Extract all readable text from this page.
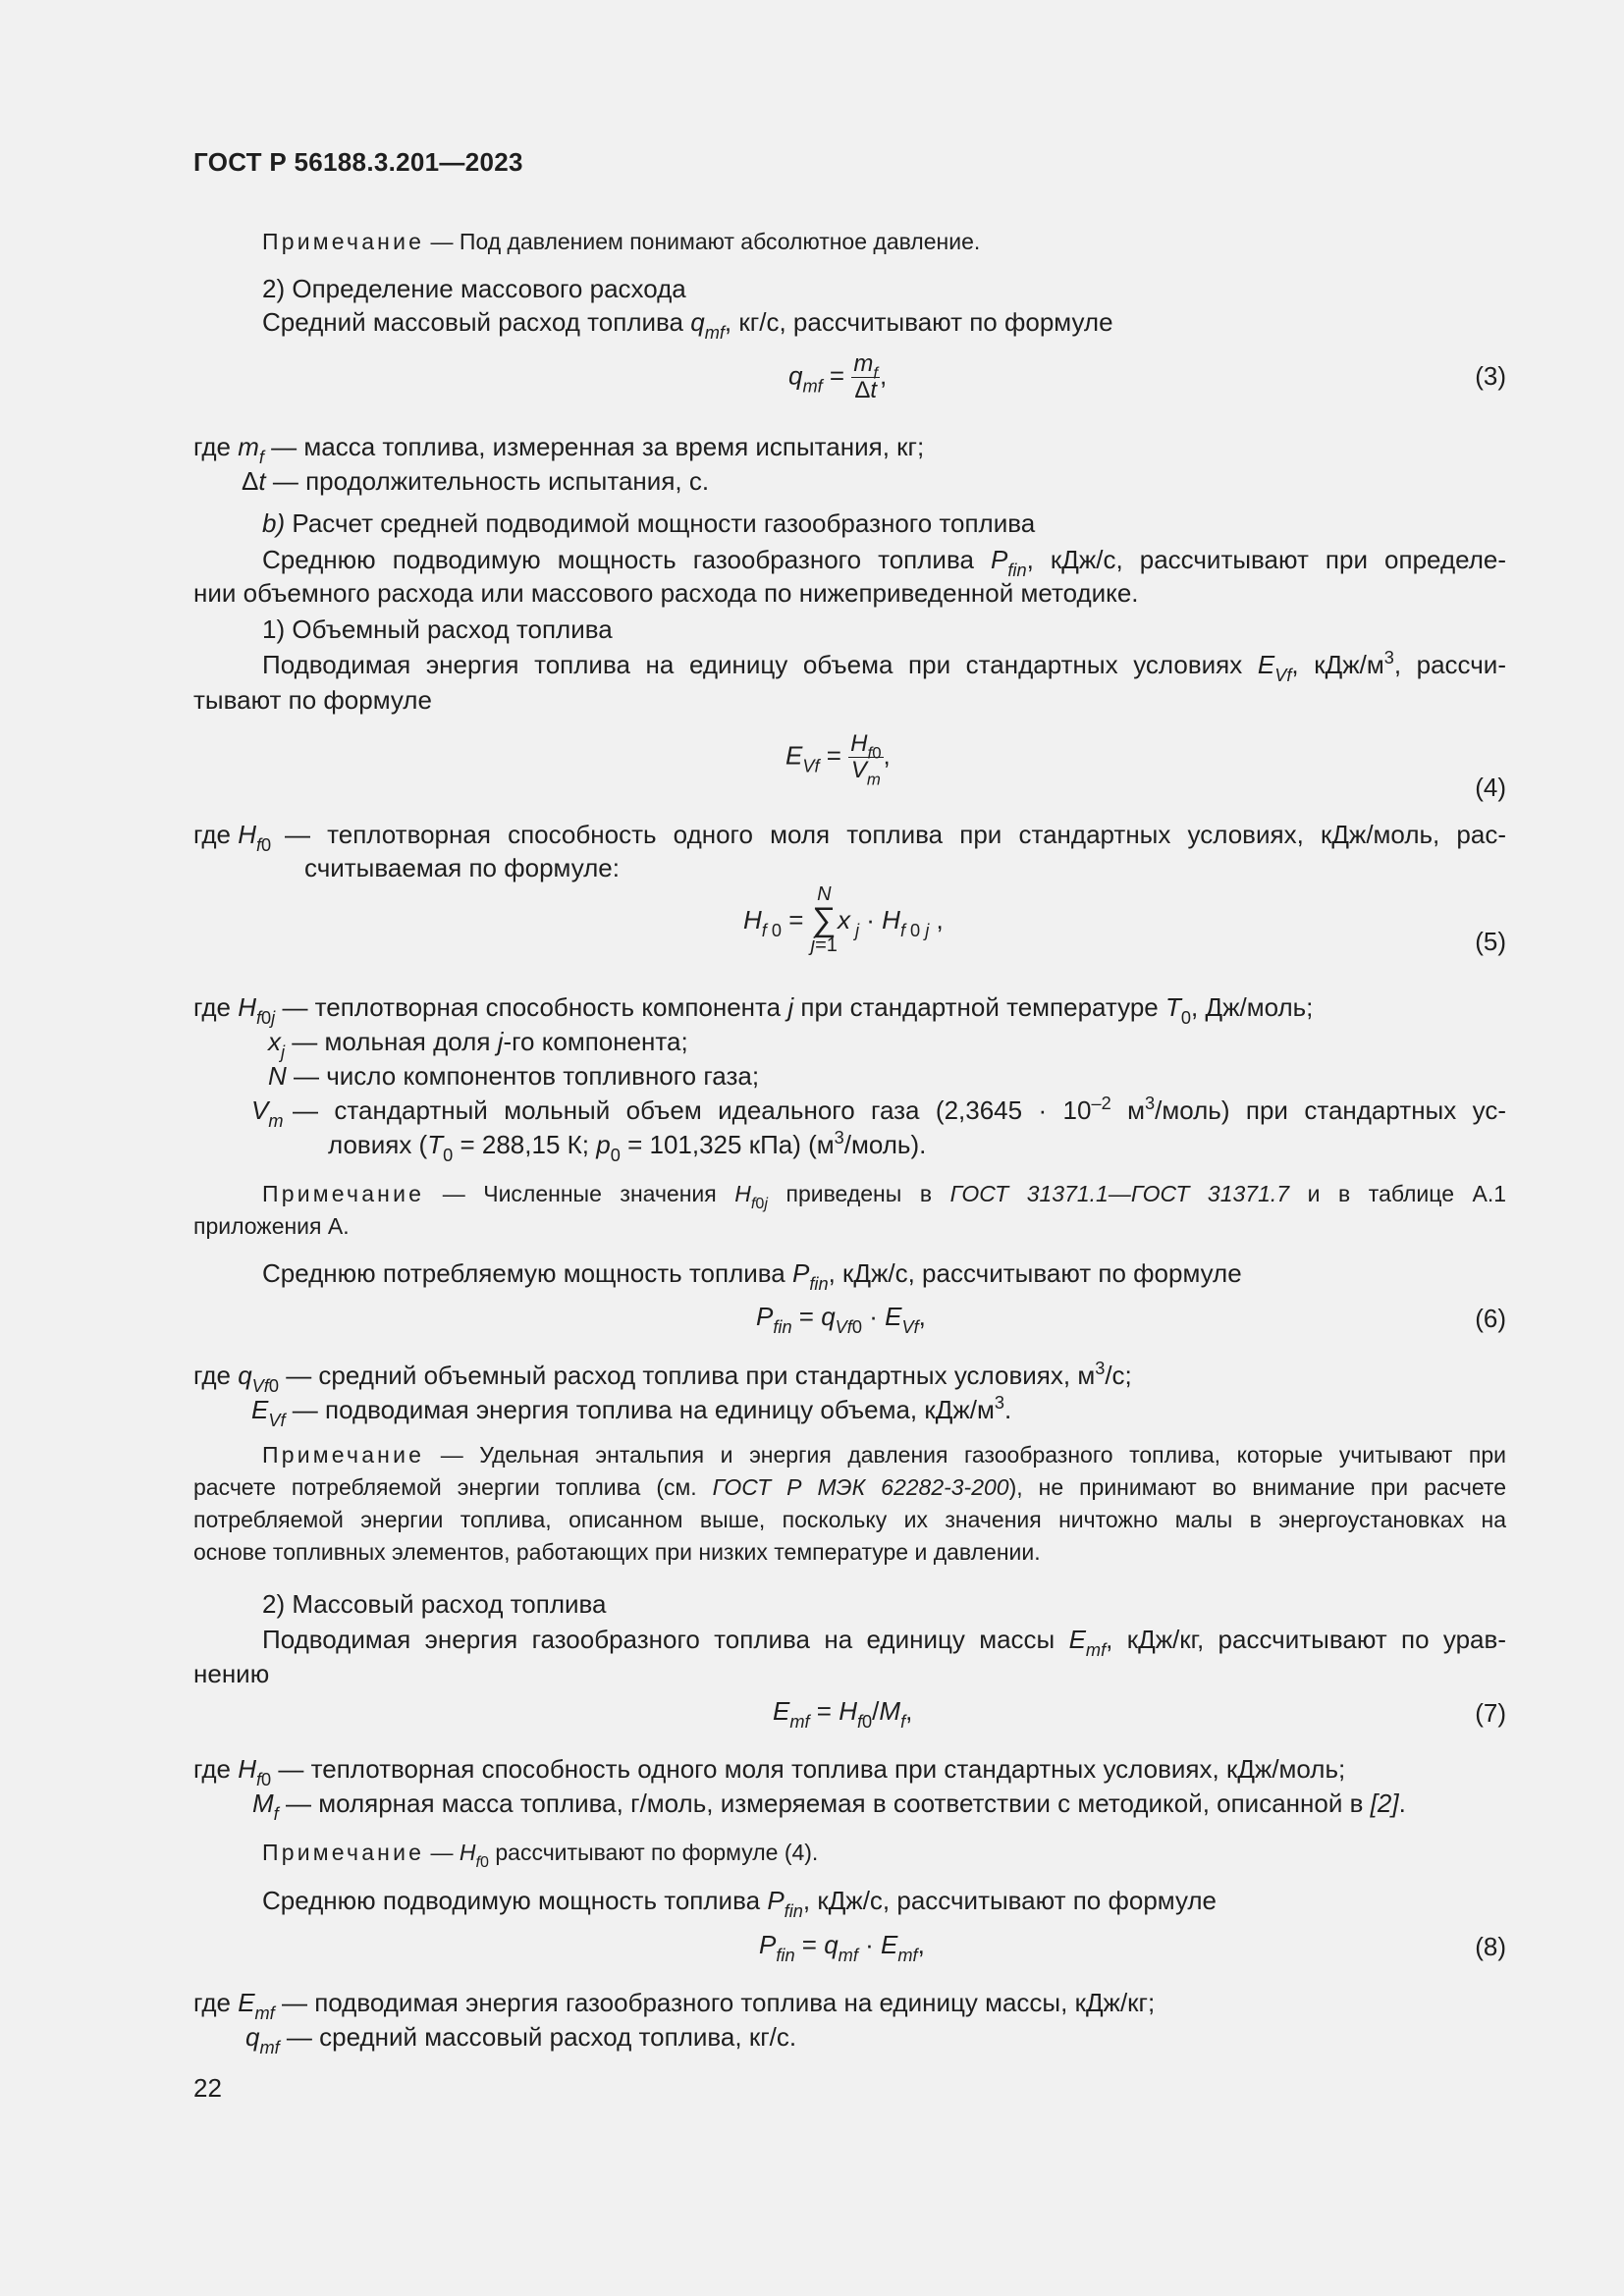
ГОСТ Р 56188.3.201—2023
Примечание — Под давлением понимают абсолютное давление.
2) Определение массового расхода
Средний массовый расход топлива $q_{mf}$, кг/с, рассчитывают по формуле
$q_{mf} = \frac{m_f}{\Delta t}$ ,	(3)
где $m_f$ — масса топлива, измеренная за время испытания, кг;
Δt — продолжительность испытания, с.
b) Расчет средней подводимой мощности газообразного топлива
Среднюю подводимую мощность газообразного топлива $P_{fin}$, кДж/с, рассчитывают при определе-
нии объемного расхода или массового расхода по нижеприведенной методике.
1) Объемный расход топлива
Подводимая энергия топлива на единицу объема при стандартных условиях $E_{Vf}$, кДж/$м^3$, рассчи-
тывают по формуле
$E_{Vf} = \frac{H_{f0}}{V_m}$ ,
(4)
где $H_{f0}$ — теплотворная способность одного моля топлива при стандартных условиях, кДж/моль, рас-
считываемая по формуле:
$H_{f 0} = N$
∑
j=1x $_j \cdot H_{f 0 j}$ ,
(5)
где $H_{f0j}$ — теплотворная способность компонента j при стандартной температуре $T_0$, Дж/моль;
$x_j$ — мольная доля j-го компонента;
N — число компонентов топливного газа;
$V_m$ — стандартный мольный объем идеального газа ($2,3645 \cdot 10^{-2}$ $м^3/моль$) при стандартных ус-
ловиях ($T_0 = 288,15$ К; $p_0 = 101,325$ кПа) $(м^3/моль)$.
Примечание — Численные значения $H_{f0j}$ приведены в ГОСТ 31371.1—ГОСТ 31371.7 и в таблице А.1
приложения А.
Среднюю потребляемую мощность топлива $P_{fin}$, кДж/с, рассчитывают по формуле
$P_{fin} = q_{Vf0} \cdot E_{Vf}$,	(6)
где $q_{Vf0}$ — средний объемный расход топлива при стандартных условиях, $м^3/с$;
$E_{Vf}$ — подводимая энергия топлива на единицу объема, кДж/$м^3$.
Примечание — Удельная энтальпия и энергия давления газообразного топлива, которые учитывают при
расчете потребляемой энергии топлива (см. ГОСТ Р МЭК 62282-3-200), не принимают во внимание при расчете
потребляемой энергии топлива, описанном выше, поскольку их значения ничтожно малы в энергоустановках на
основе топливных элементов, работающих при низких температуре и давлении.
2) Массовый расход топлива
Подводимая энергия газообразного топлива на единицу массы $E_{mf}$, кДж/кг, рассчитывают по урав-
нению
$E_{mf} = H_{f0}/M_f$,	(7)
где $H_{f0}$ — теплотворная способность одного моля топлива при стандартных условиях, кДж/моль;
$M_f$ — молярная масса топлива, г/моль, измеряемая в соответствии с методикой, описанной в [2].
Примечание — $H_{f0}$ рассчитывают по формуле (4).
Среднюю подводимую мощность топлива $P_{fin}$, кДж/с, рассчитывают по формуле
$P_{fin} = q_{mf} \cdot E_{mf}$,	(8)
где $E_{mf}$ — подводимая энергия газообразного топлива на единицу массы, кДж/кг;
$q_{mf}$ — средний массовый расход топлива, кг/с.
22
